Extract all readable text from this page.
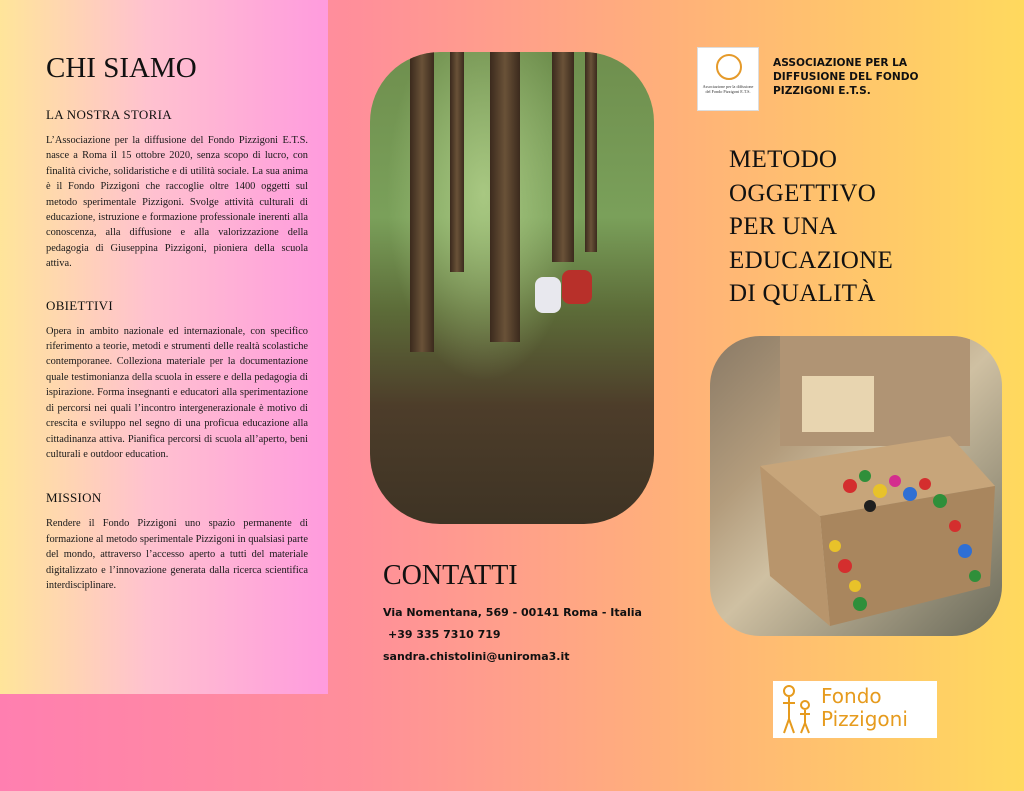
CHI SIAMO
LA NOSTRA STORIA

L’Associazione per la diffusione del Fondo Pizzigoni E.T.S. nasce a Roma il 15 ottobre 2020, senza scopo di lucro, con finalità civiche, solidaristiche e di utilità sociale. La sua anima è il Fondo Pizzigoni che raccoglie oltre 1400 oggetti sul metodo sperimentale Pizzigoni. Svolge attività culturali di educazione, istruzione e formazione professionale inerenti alla conoscenza, alla diffusione e alla valorizzazione della pedagogia di Giuseppina Pizzigoni, pioniera della scuola attiva.

OBIETTIVI

Opera in ambito nazionale ed internazionale, con specifico riferimento a teorie, metodi e strumenti delle realtà scolastiche contemporanee. Colleziona materiale per la documentazione quale testimonianza della scuola in essere e della pedagogia di ispirazione. Forma insegnanti e educatori alla sperimentazione di percorsi nei quali l’incontro intergenerazionale è motivo di crescita e sviluppo nel segno di una proficua educazione alla cittadinanza attiva. Pianifica percorsi di scuola all’aperto, beni culturali e outdoor education.

MISSION

Rendere il Fondo Pizzigoni uno spazio permanente di formazione al metodo sperimentale Pizzigoni in qualsiasi parte del mondo, attraverso l’accesso aperto a tutti del materiale digitalizzato e l’innovazione generata dalla ricerca scientifica interdisciplinare.	CONTATTI

Via Nomentana, 569 - 00141 Roma - Italia

+39 335 7310 719

sandra.chistolini@uniroma3.it

Associazione per la diffusione del Fondo Pizzigoni E.T.S.
ASSOCIAZIONE PER LA DIFFUSIONE DEL FONDO PIZZIGONI E.T.S.
METODO
OGGETTIVO
PER UNA
EDUCAZIONE
DI QUALITÀ
Fondo
Pizzigoni
